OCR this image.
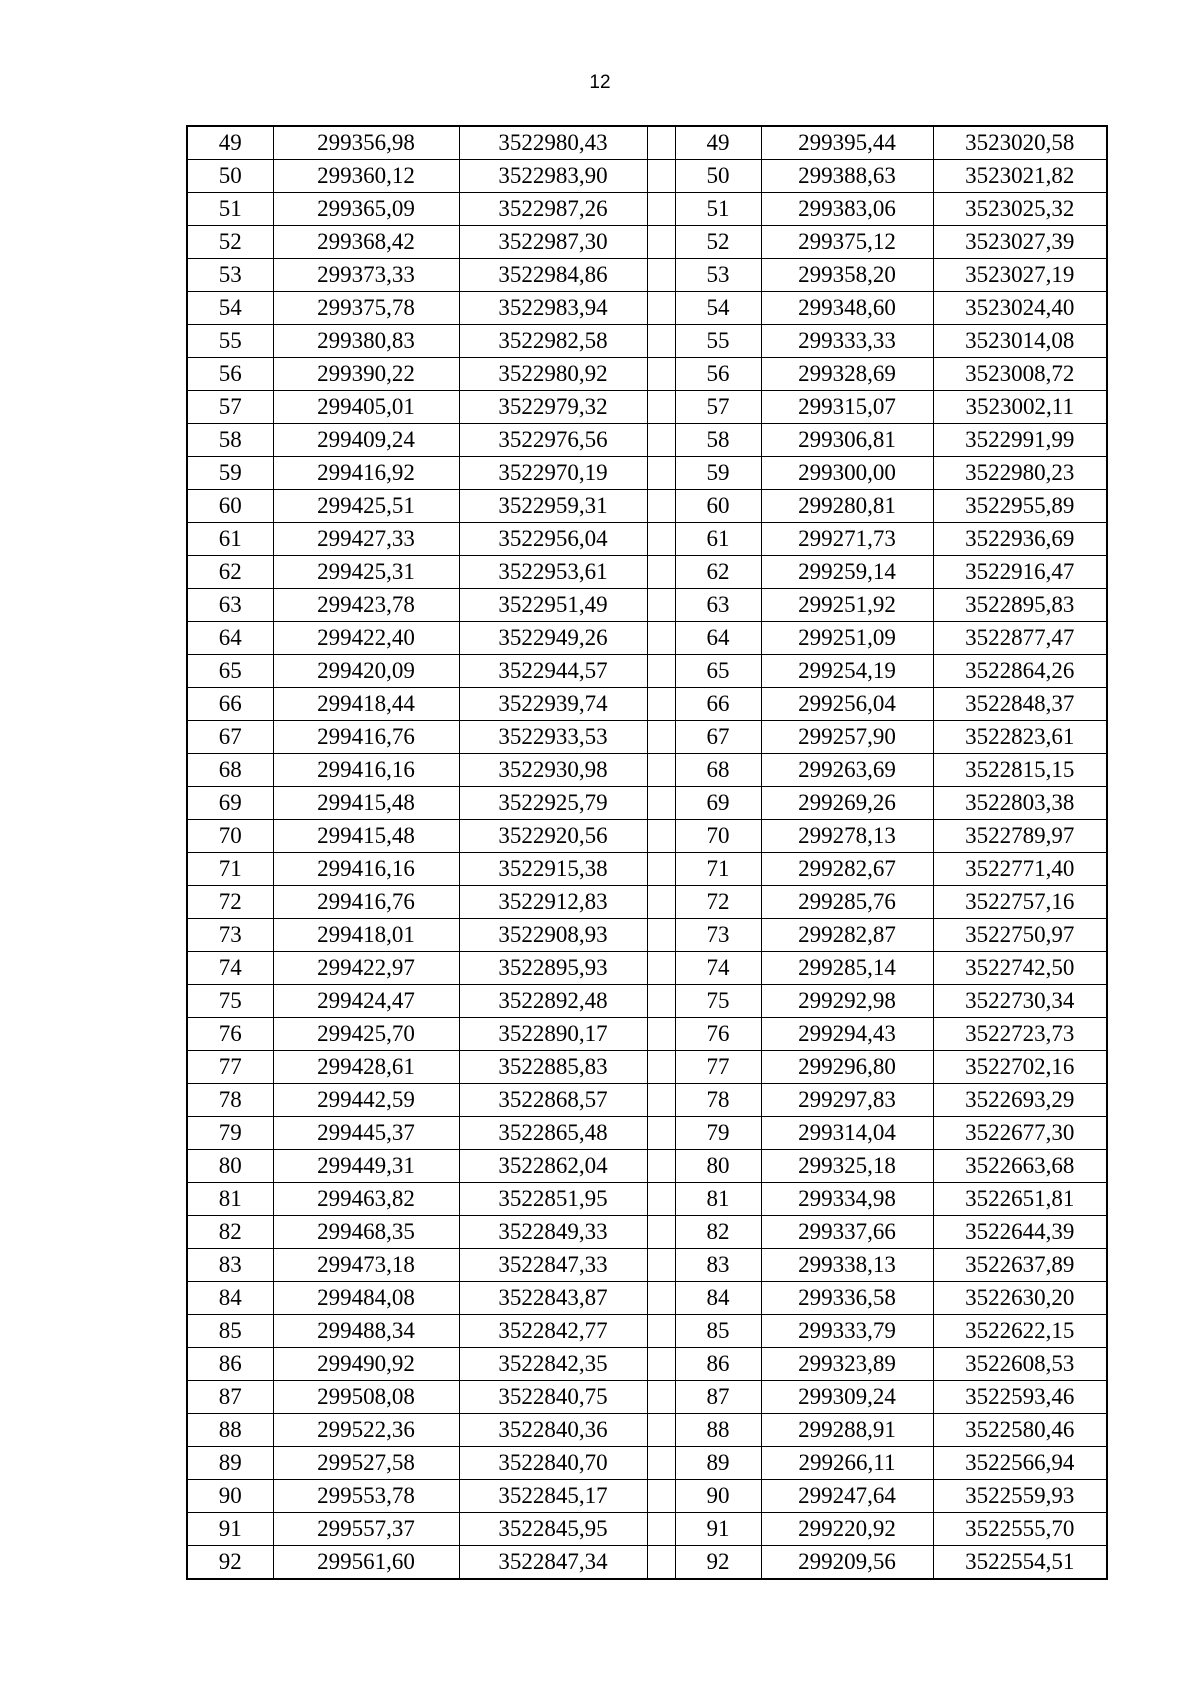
12
49	299356,98	3522980,43		49	299395,44	3523020,58
50	299360,12	3522983,90		50	299388,63	3523021,82
51	299365,09	3522987,26		51	299383,06	3523025,32
52	299368,42	3522987,30		52	299375,12	3523027,39
53	299373,33	3522984,86		53	299358,20	3523027,19
54	299375,78	3522983,94		54	299348,60	3523024,40
55	299380,83	3522982,58		55	299333,33	3523014,08
56	299390,22	3522980,92		56	299328,69	3523008,72
57	299405,01	3522979,32		57	299315,07	3523002,11
58	299409,24	3522976,56		58	299306,81	3522991,99
59	299416,92	3522970,19		59	299300,00	3522980,23
60	299425,51	3522959,31		60	299280,81	3522955,89
61	299427,33	3522956,04		61	299271,73	3522936,69
62	299425,31	3522953,61		62	299259,14	3522916,47
63	299423,78	3522951,49		63	299251,92	3522895,83
64	299422,40	3522949,26		64	299251,09	3522877,47
65	299420,09	3522944,57		65	299254,19	3522864,26
66	299418,44	3522939,74		66	299256,04	3522848,37
67	299416,76	3522933,53		67	299257,90	3522823,61
68	299416,16	3522930,98		68	299263,69	3522815,15
69	299415,48	3522925,79		69	299269,26	3522803,38
70	299415,48	3522920,56		70	299278,13	3522789,97
71	299416,16	3522915,38		71	299282,67	3522771,40
72	299416,76	3522912,83		72	299285,76	3522757,16
73	299418,01	3522908,93		73	299282,87	3522750,97
74	299422,97	3522895,93		74	299285,14	3522742,50
75	299424,47	3522892,48		75	299292,98	3522730,34
76	299425,70	3522890,17		76	299294,43	3522723,73
77	299428,61	3522885,83		77	299296,80	3522702,16
78	299442,59	3522868,57		78	299297,83	3522693,29
79	299445,37	3522865,48		79	299314,04	3522677,30
80	299449,31	3522862,04		80	299325,18	3522663,68
81	299463,82	3522851,95		81	299334,98	3522651,81
82	299468,35	3522849,33		82	299337,66	3522644,39
83	299473,18	3522847,33		83	299338,13	3522637,89
84	299484,08	3522843,87		84	299336,58	3522630,20
85	299488,34	3522842,77		85	299333,79	3522622,15
86	299490,92	3522842,35		86	299323,89	3522608,53
87	299508,08	3522840,75		87	299309,24	3522593,46
88	299522,36	3522840,36		88	299288,91	3522580,46
89	299527,58	3522840,70		89	299266,11	3522566,94
90	299553,78	3522845,17		90	299247,64	3522559,93
91	299557,37	3522845,95		91	299220,92	3522555,70
92	299561,60	3522847,34		92	299209,56	3522554,51
